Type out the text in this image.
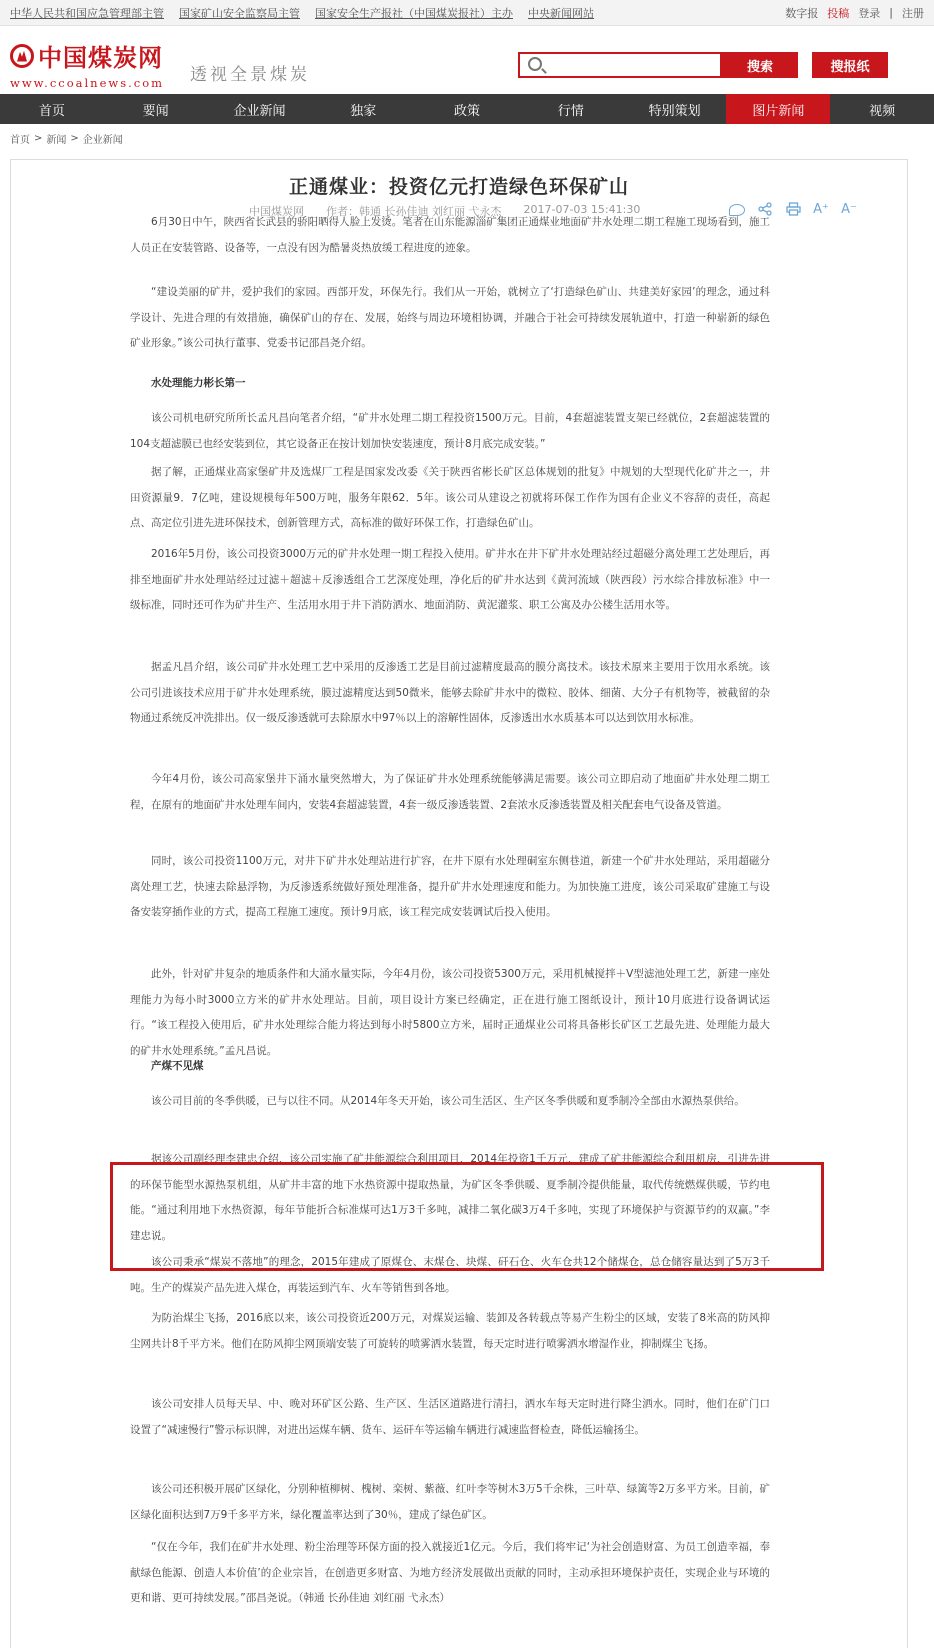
中华人民共和国应急管理部主管 国家矿山安全监察局主管 国家安全生产报社（中国煤炭报社）主办 中央新闻网站	数字报 投稿 登录 | 注册
中国煤炭网
www.ccoalnews.com	透视全景煤炭	搜索	搜报纸
首页	要闻	企业新闻	独家	政策	行情	特别策划	图片新闻	视频
首页 > 新闻 > 企业新闻
正通煤业：投资亿元打造绿色环保矿山
中国煤炭网 作者：韩通 长孙佳迪 刘红丽 弋永杰 2017-07-03 15:41:30	A⁺ A⁻

6月30日中午，陕西省长武县的骄阳晒得人脸上发烫。笔者在山东能源淄矿集团正通煤业地面矿井水处理二期工程施工现场看到，施工人员正在安装管路、设备等，一点没有因为酷暑炎热放缓工程进度的迹象。

“建设美丽的矿井，爱护我们的家园。西部开发，环保先行。我们从一开始，就树立了‘打造绿色矿山、共建美好家园’的理念，通过科学设计、先进合理的有效措施，确保矿山的存在、发展，始终与周边环境相协调，并融合于社会可持续发展轨道中，打造一种崭新的绿色矿业形象。”该公司执行董事、党委书记邵昌尧介绍。

水处理能力彬长第一

该公司机电研究所所长孟凡昌向笔者介绍，“矿井水处理二期工程投资1500万元。目前，4套超滤装置支架已经就位，2套超滤装置的104支超滤膜已也经安装到位，其它设备正在按计划加快安装速度，预计8月底完成安装。”

据了解，正通煤业高家堡矿井及选煤厂工程是国家发改委《关于陕西省彬长矿区总体规划的批复》中规划的大型现代化矿井之一，井田资源量9．7亿吨，建设规模每年500万吨，服务年限62．5年。该公司从建设之初就将环保工作作为国有企业义不容辞的责任，高起点、高定位引进先进环保技术，创新管理方式，高标准的做好环保工作，打造绿色矿山。

2016年5月份，该公司投资3000万元的矿井水处理一期工程投入使用。矿井水在井下矿井水处理站经过超磁分离处理工艺处理后，再排至地面矿井水处理站经过过滤＋超滤＋反渗透组合工艺深度处理，净化后的矿井水达到《黄河流域（陕西段）污水综合排放标准》中一级标准，同时还可作为矿井生产、生活用水用于井下消防洒水、地面消防、黄泥灌浆、职工公寓及办公楼生活用水等。

据孟凡昌介绍，该公司矿井水处理工艺中采用的反渗透工艺是目前过滤精度最高的膜分离技术。该技术原来主要用于饮用水系统。该公司引进该技术应用于矿井水处理系统，膜过滤精度达到50微米，能够去除矿井水中的微粒、胶体、细菌、大分子有机物等，被截留的杂物通过系统反冲洗排出。仅一级反渗透就可去除原水中97％以上的溶解性固体，反渗透出水水质基本可以达到饮用水标准。

今年4月份，该公司高家堡井下涌水量突然增大，为了保证矿井水处理系统能够满足需要。该公司立即启动了地面矿井水处理二期工程，在原有的地面矿井水处理车间内，安装4套超滤装置，4套一级反渗透装置、2套浓水反渗透装置及相关配套电气设备及管道。

同时，该公司投资1100万元，对井下矿井水处理站进行扩容，在井下原有水处理硐室东侧巷道，新建一个矿井水处理站，采用超磁分离处理工艺，快速去除悬浮物，为反渗透系统做好预处理准备，提升矿井水处理速度和能力。为加快施工进度，该公司采取矿建施工与设备安装穿插作业的方式，提高工程施工速度。预计9月底，该工程完成安装调试后投入使用。

此外，针对矿井复杂的地质条件和大涌水量实际，今年4月份，该公司投资5300万元，采用机械搅拌＋V型滤池处理工艺，新建一座处理能力为每小时3000立方米的矿井水处理站。目前，项目设计方案已经确定，正在进行施工图纸设计，预计10月底进行设备调试运行。“该工程投入使用后，矿井水处理综合能力将达到每小时5800立方米，届时正通煤业公司将具备彬长矿区工艺最先进、处理能力最大的矿井水处理系统。”孟凡昌说。

产煤不见煤

该公司目前的冬季供暖，已与以往不同。从2014年冬天开始，该公司生活区、生产区冬季供暖和夏季制冷全部由水源热泵供给。

据该公司副经理李建忠介绍，该公司实施了矿井能源综合利用项目，2014年投资1千万元，建成了矿井能源综合利用机房，引进先进的环保节能型水源热泵机组，从矿井丰富的地下水热资源中提取热量，为矿区冬季供暖、夏季制冷提供能量，取代传统燃煤供暖，节约电能。“通过利用地下水热资源，每年节能折合标准煤可达1万3千多吨，减排二氧化碳3万4千多吨，实现了环境保护与资源节约的双赢。”李建忠说。

该公司秉承“煤炭不落地”的理念，2015年建成了原煤仓、末煤仓、块煤、矸石仓、火车仓共12个储煤仓，总仓储容量达到了5万3千吨。生产的煤炭产品先进入煤仓，再装运到汽车、火车等销售到各地。

为防治煤尘飞扬，2016底以来，该公司投资近200万元，对煤炭运输、装卸及各转载点等易产生粉尘的区域，安装了8米高的防风抑尘网共计8千平方米。他们在防风抑尘网顶端安装了可旋转的喷雾洒水装置，每天定时进行喷雾洒水增湿作业，抑制煤尘飞扬。

该公司安排人员每天早、中、晚对环矿区公路、生产区、生活区道路进行清扫，洒水车每天定时进行降尘洒水。同时，他们在矿门口设置了“减速慢行”警示标识牌，对进出运煤车辆、货车、运矸车等运输车辆进行减速监督检查，降低运输扬尘。

该公司还积极开展矿区绿化，分别种植柳树、槐树、栾树、紫薇、红叶李等树木3万5千余株，三叶草、绿篱等2万多平方米。目前，矿区绿化面积达到7万9千多平方米，绿化覆盖率达到了30％，建成了绿色矿区。

“仅在今年，我们在矿井水处理、粉尘治理等环保方面的投入就接近1亿元。今后，我们将牢记‘为社会创造财富、为员工创造幸福，奉献绿色能源、创造人本价值’的企业宗旨，在创造更多财富、为地方经济发展做出贡献的同时，主动承担环境保护责任，实现企业与环境的更和谐、更可持续发展。”邵昌尧说。（韩通 长孙佳迪 刘红丽 弋永杰）
